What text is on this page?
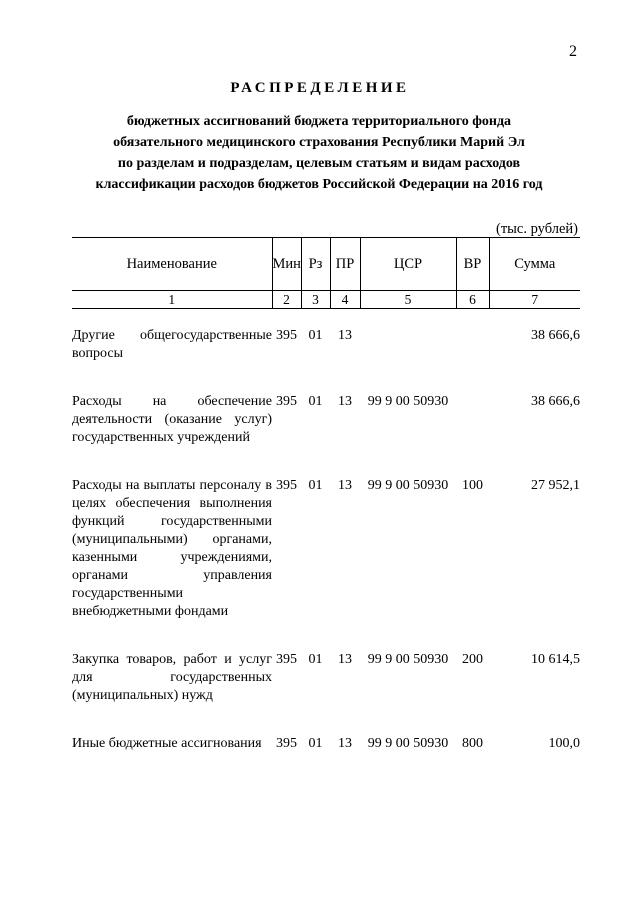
2
РАСПРЕДЕЛЕНИЕ
бюджетных ассигнований бюджета территориального фонда
обязательного медицинского страхования Республики Марий Эл
по разделам и подразделам, целевым статьям и видам расходов
классификации расходов бюджетов Российской Федерации на 2016 год
(тыс. рублей)
Наименование	Мин	Рз	ПР	ЦСР	ВР	Сумма
1	2	3	4	5	6	7

Другие общегосударственные вопросы	395	01	13			38 666,6

Расходы на обеспечение деятельности (оказание услуг) государственных учреждений	395	01	13	99 9 00 50930		38 666,6

Расходы на выплаты персоналу в целях обеспечения выполнения функций государственными (муниципальными) органами, казенными учреждениями, органами управления государственными внебюджетными фондами	395	01	13	99 9 00 50930	100	27 952,1

Закупка товаров, работ и услуг для государственных (муниципальных) нужд	395	01	13	99 9 00 50930	200	10 614,5

Иные бюджетные ассигнования	395	01	13	99 9 00 50930	800	100,0
